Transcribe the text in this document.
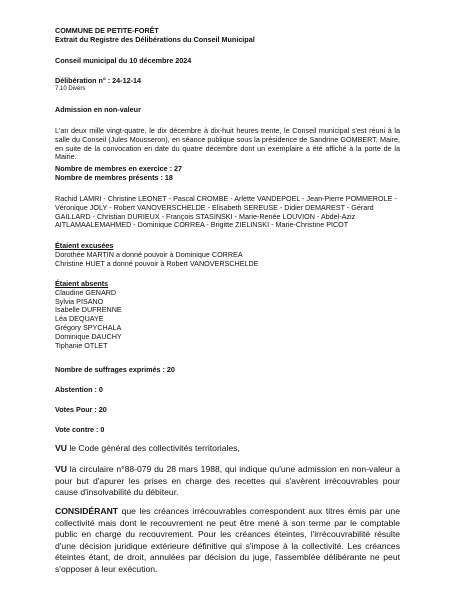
COMMUNE DE PETITE-FORÊT
Extrait du Registre des Délibérations du Conseil Municipal
Conseil municipal du 10 décembre 2024
Délibération n° : 24-12-14
7.10 Divers
Admission en non-valeur
L'an deux mille vingt-quatre, le dix décembre à dix-huit heures trente, le Conseil municipal s'est réuni à la salle du Conseil (Jules Mousseron), en séance publique sous la présidence de Sandrine GOMBERT, Maire, en suite de la convocation en date du quatre décembre dont un exemplaire a été affiché à la porte de la Mairie.
Nombre de membres en exercice : 27
Nombre de membres présents : 18
Rachid LAMRI - Christine LEONET - Pascal CROMBE - Arlette VANDEPOEL - Jean-Pierre POMMEROLE - Véronique JOLY - Robert VANOVERSCHELDE - Elisabeth SEREUSE - Didier DEMAREST - Gérard GAILLARD - Christian DURIEUX - François STASINSKI - Marie-Renée LOUVION - Abdel-Aziz AITLAMAALEMAHMED - Dominique CORREA - Brigitte ZIELINSKI - Marie-Christine PICOT
Étaient excusées
Dorothée MARTIN a donné pouvoir à Dominique CORREA
Christine HUET a donné pouvoir à Robert VANOVERSCHELDE
Étaient absents
Claudine GENARD
Sylvia PISANO
Isabelle DUFRENNE
Léa DEQUAYE
Grégory SPYCHALA
Dominique DAUCHY
Tiphanie OTLET
Nombre de suffrages exprimés : 20
Abstention : 0
Votes Pour : 20
Vote contre : 0
VU le Code général des collectivités territoriales,
VU la circulaire n°88-079 du 28 mars 1988, qui indique qu'une admission en non-valeur a pour but d'apurer les prises en charge des recettes qui s'avèrent irrécouvrables pour cause d'insolvabilité du débiteur.
CONSIDÉRANT que les créances irrécouvrables correspondent aux titres émis par une collectivité mais dont le recouvrement ne peut être mené à son terme par le comptable public en charge du recouvrement. Pour les créances éteintes, l'irrécouvrabilité résulte d'une décision juridique extérieure définitive qui s'impose à la collectivité. Les créances éteintes étant, de droit, annulées par décision du juge, l'assemblée délibérante ne peut s'opposer à leur exécution.
